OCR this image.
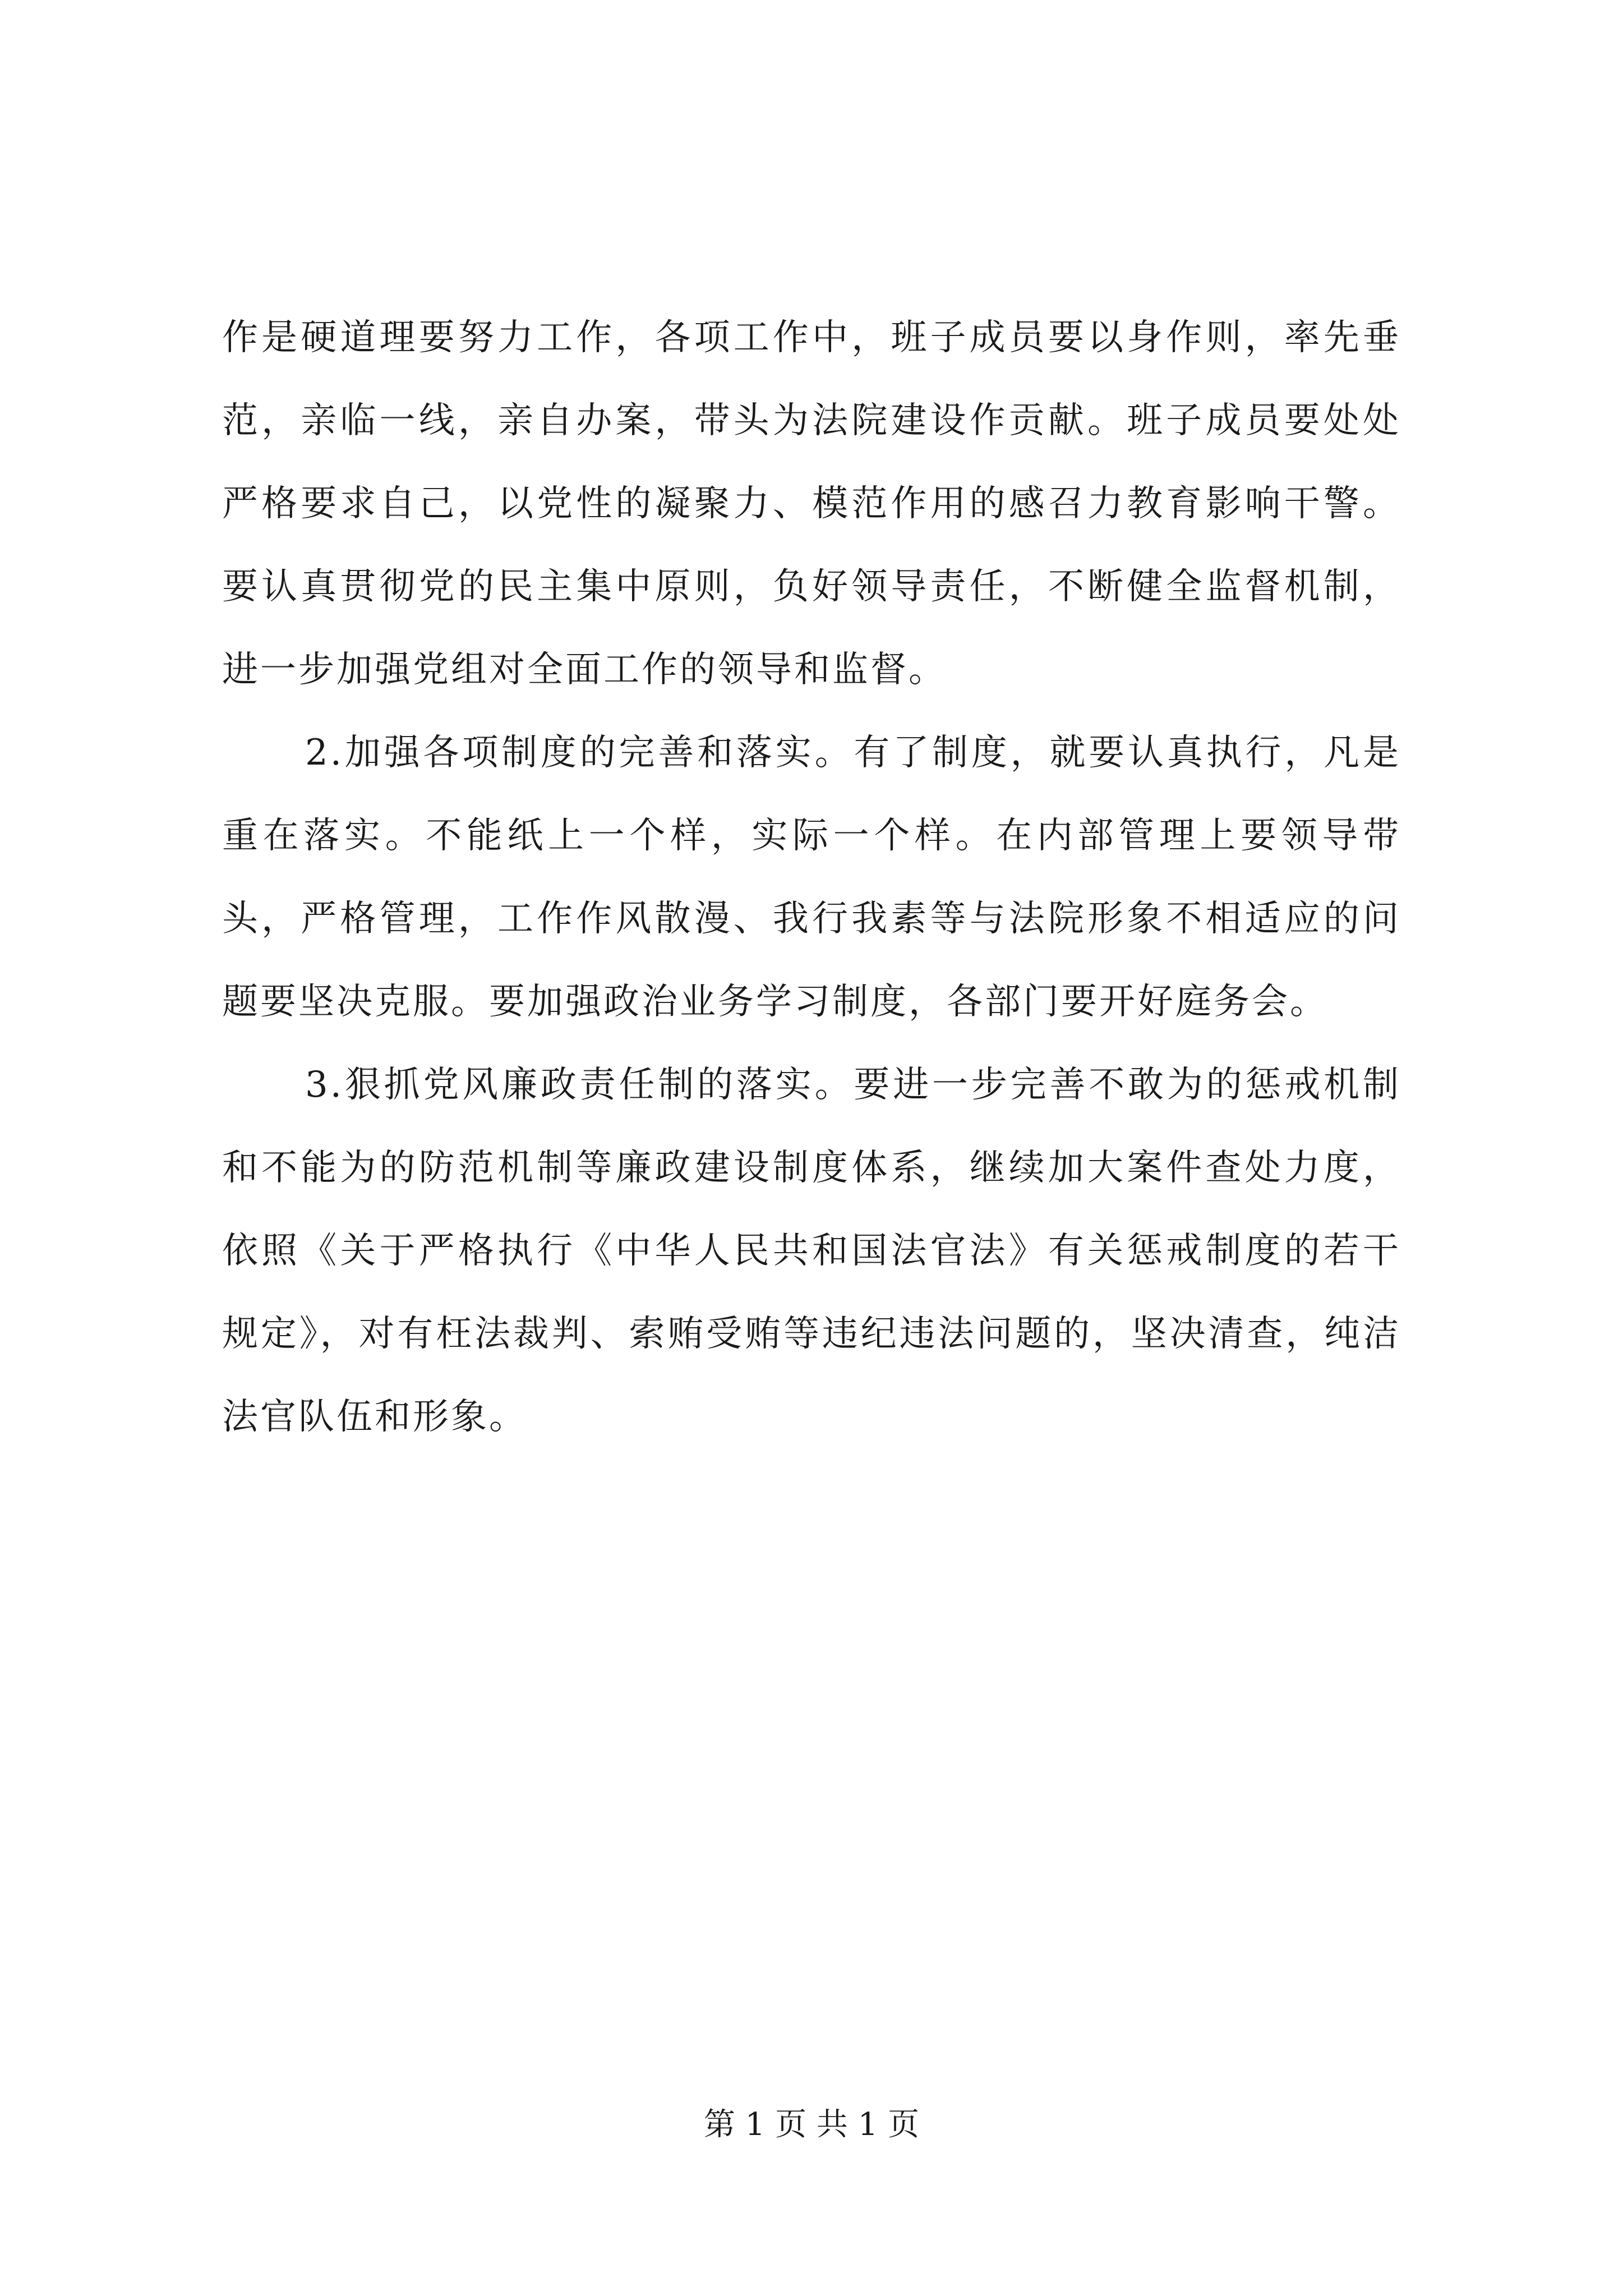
作是硬道理要努力工作，各项工作中，班子成员要以身作则，率先垂范，亲临一线，亲自办案，带头为法院建设作贡献。班子成员要处处严格要求自己，以党性的凝聚力、模范作用的感召力教育影响干警。要认真贯彻党的民主集中原则，负好领导责任，不断健全监督机制，进一步加强党组对全面工作的领导和监督。

2.加强各项制度的完善和落实。有了制度，就要认真执行，凡是重在落实。不能纸上一个样，实际一个样。在内部管理上要领导带头，严格管理，工作作风散漫、我行我素等与法院形象不相适应的问题要坚决克服。要加强政治业务学习制度，各部门要开好庭务会。

3.狠抓党风廉政责任制的落实。要进一步完善不敢为的惩戒机制和不能为的防范机制等廉政建设制度体系，继续加大案件查处力度，依照《关于严格执行《中华人民共和国法官法》有关惩戒制度的若干规定》，对有枉法裁判、索贿受贿等违纪违法问题的，坚决清查，纯洁法官队伍和形象。

第 1 页 共 1 页
